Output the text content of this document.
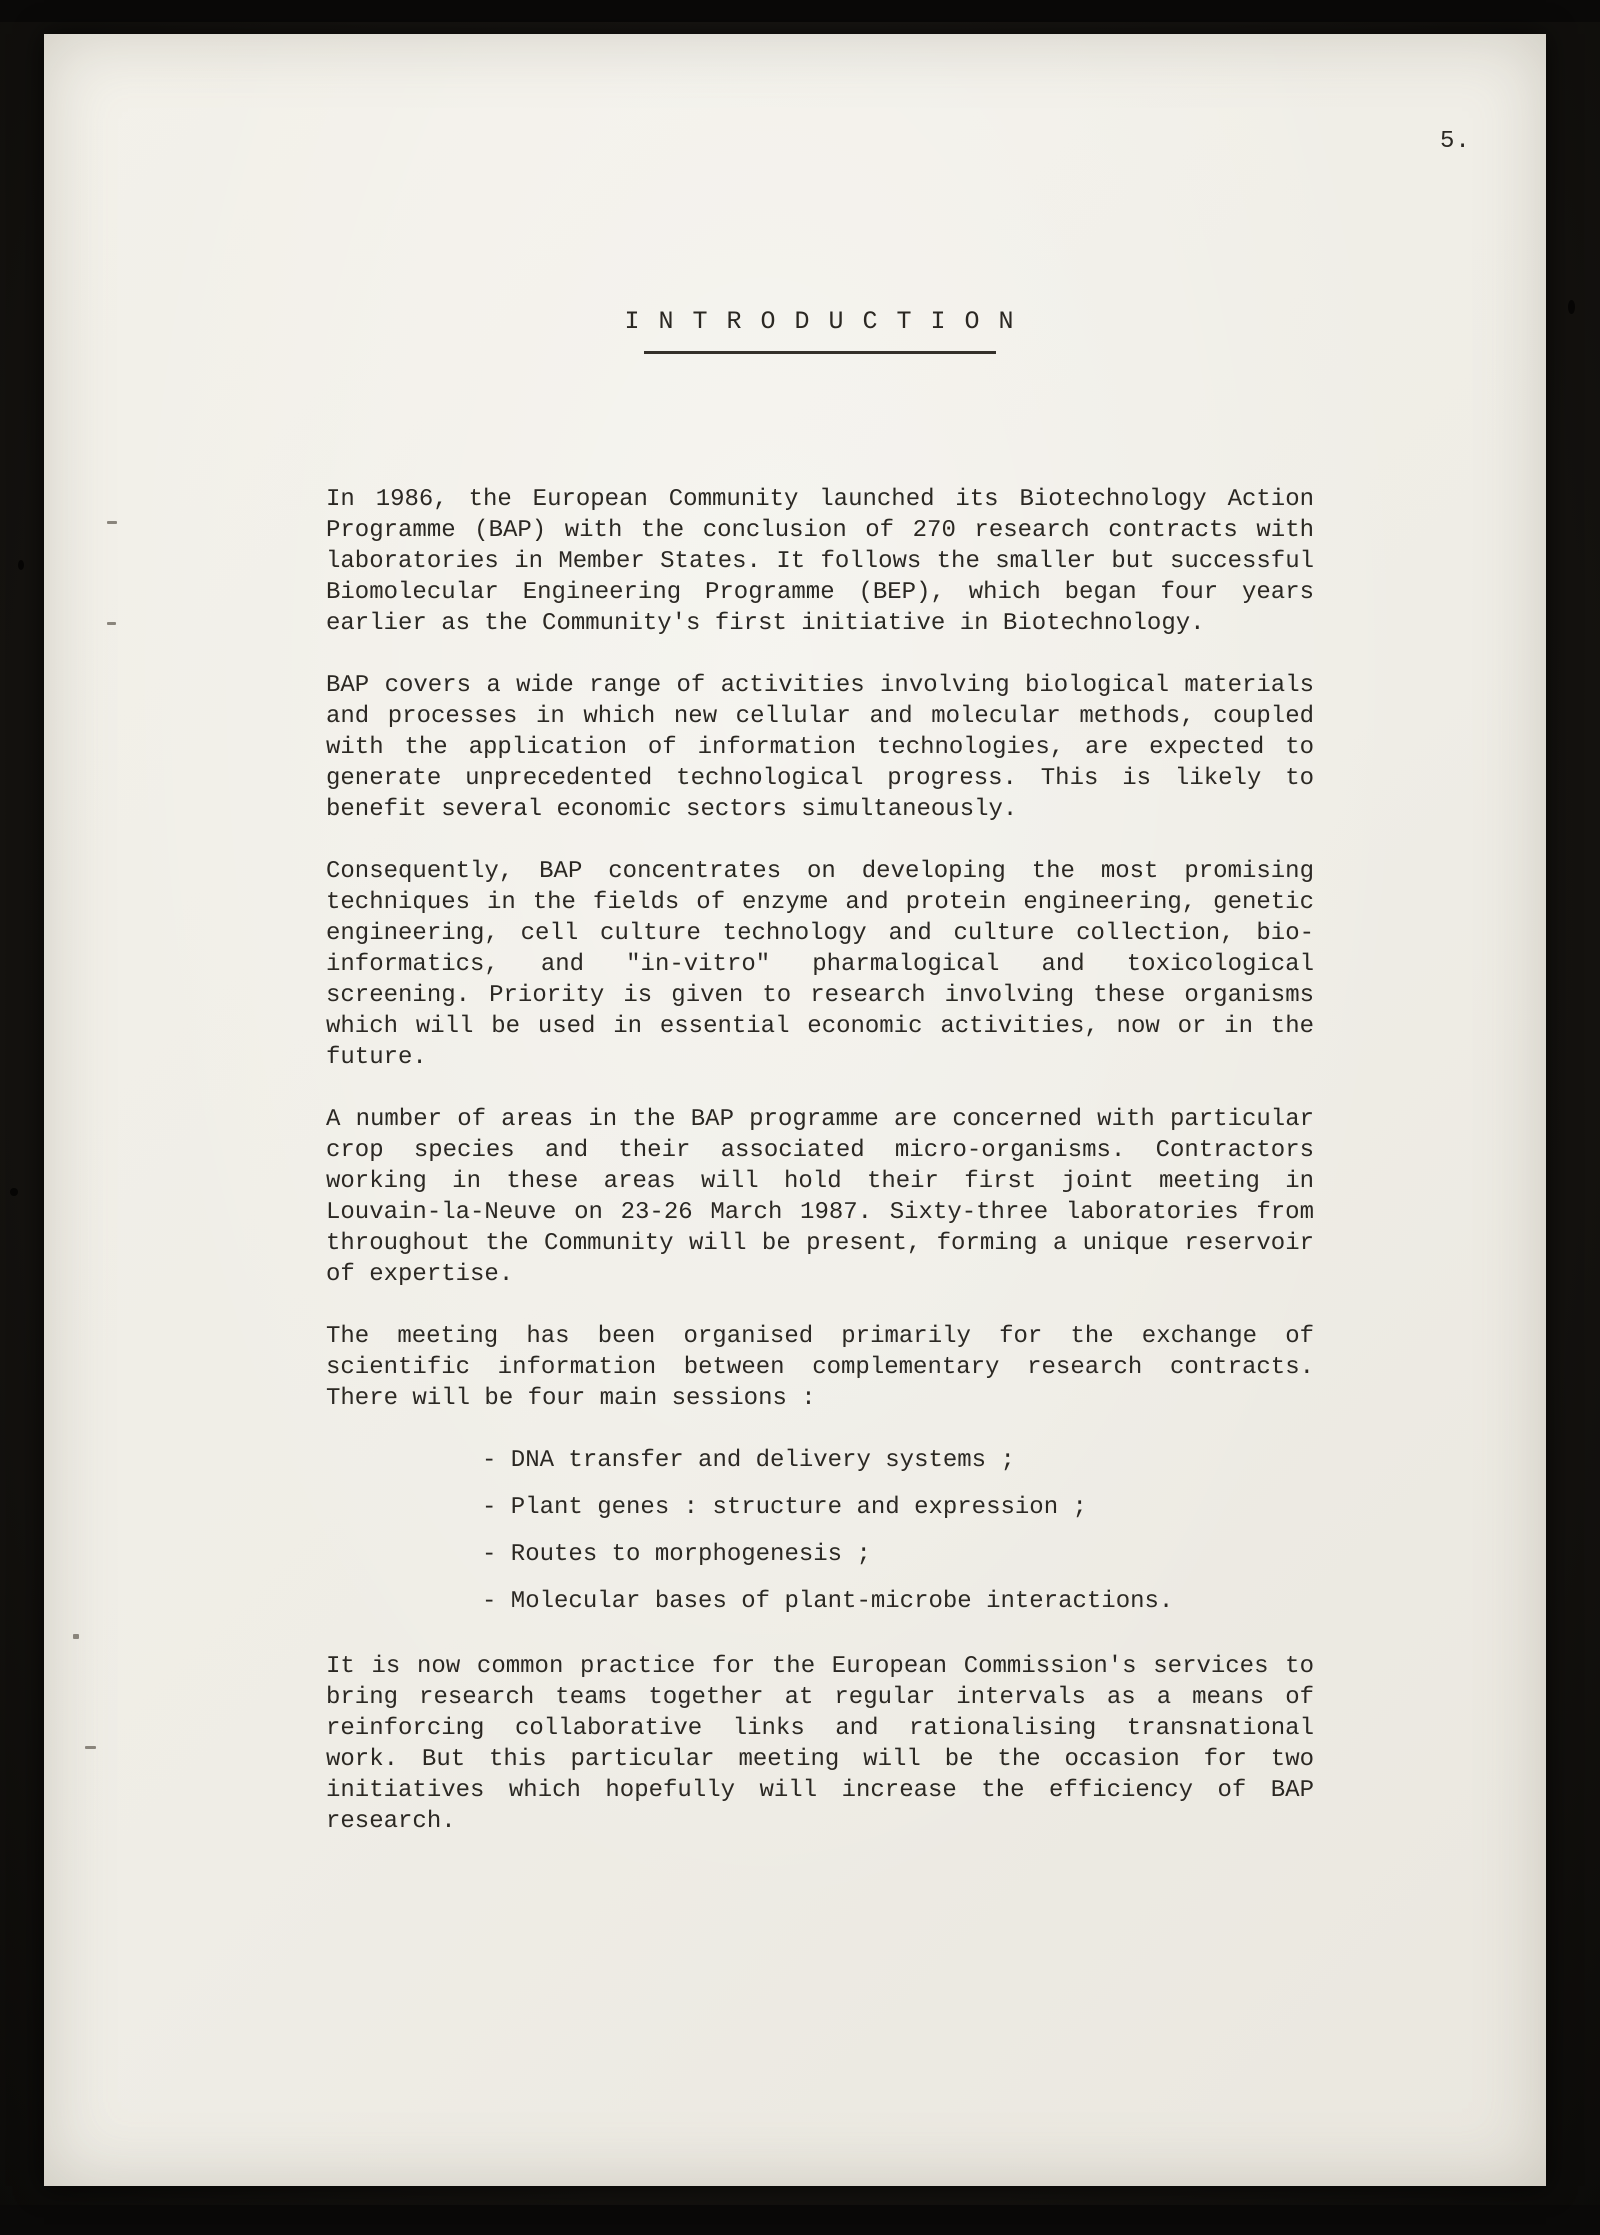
5.
I N T R O D U C T I O N

In 1986, the European Community launched its Biotechnology Action Programme (BAP) with the conclusion of 270 research contracts with laboratories in Member States. It follows the smaller but successful Biomolecular Engineering Programme (BEP), which began four years earlier as the Community's first initiative in Biotechnology.

BAP covers a wide range of activities involving biological materials and processes in which new cellular and molecular methods, coupled with the application of information technologies, are expected to generate unprecedented technological progress. This is likely to benefit several economic sectors simultaneously.

Consequently, BAP concentrates on developing the most promising techniques in the fields of enzyme and protein engineering, genetic engineering, cell culture technology and culture collection, bio-informatics, and "in-vitro" pharmalogical and toxicological screening. Priority is given to research involving these organisms which will be used in essential economic activities, now or in the future.

A number of areas in the BAP programme are concerned with particular crop species and their associated micro-organisms. Contractors working in these areas will hold their first joint meeting in Louvain-la-Neuve on 23-26 March 1987. Sixty-three laboratories from throughout the Community will be present, forming a unique reservoir of expertise.

The meeting has been organised primarily for the exchange of scientific information between complementary research contracts. There will be four main sessions :

- DNA transfer and delivery systems ;
- Plant genes : structure and expression ;
- Routes to morphogenesis ;
- Molecular bases of plant-microbe interactions.

It is now common practice for the European Commission's services to bring research teams together at regular intervals as a means of reinforcing collaborative links and rationalising transnational work. But this particular meeting will be the occasion for two initiatives which hopefully will increase the efficiency of BAP research.
